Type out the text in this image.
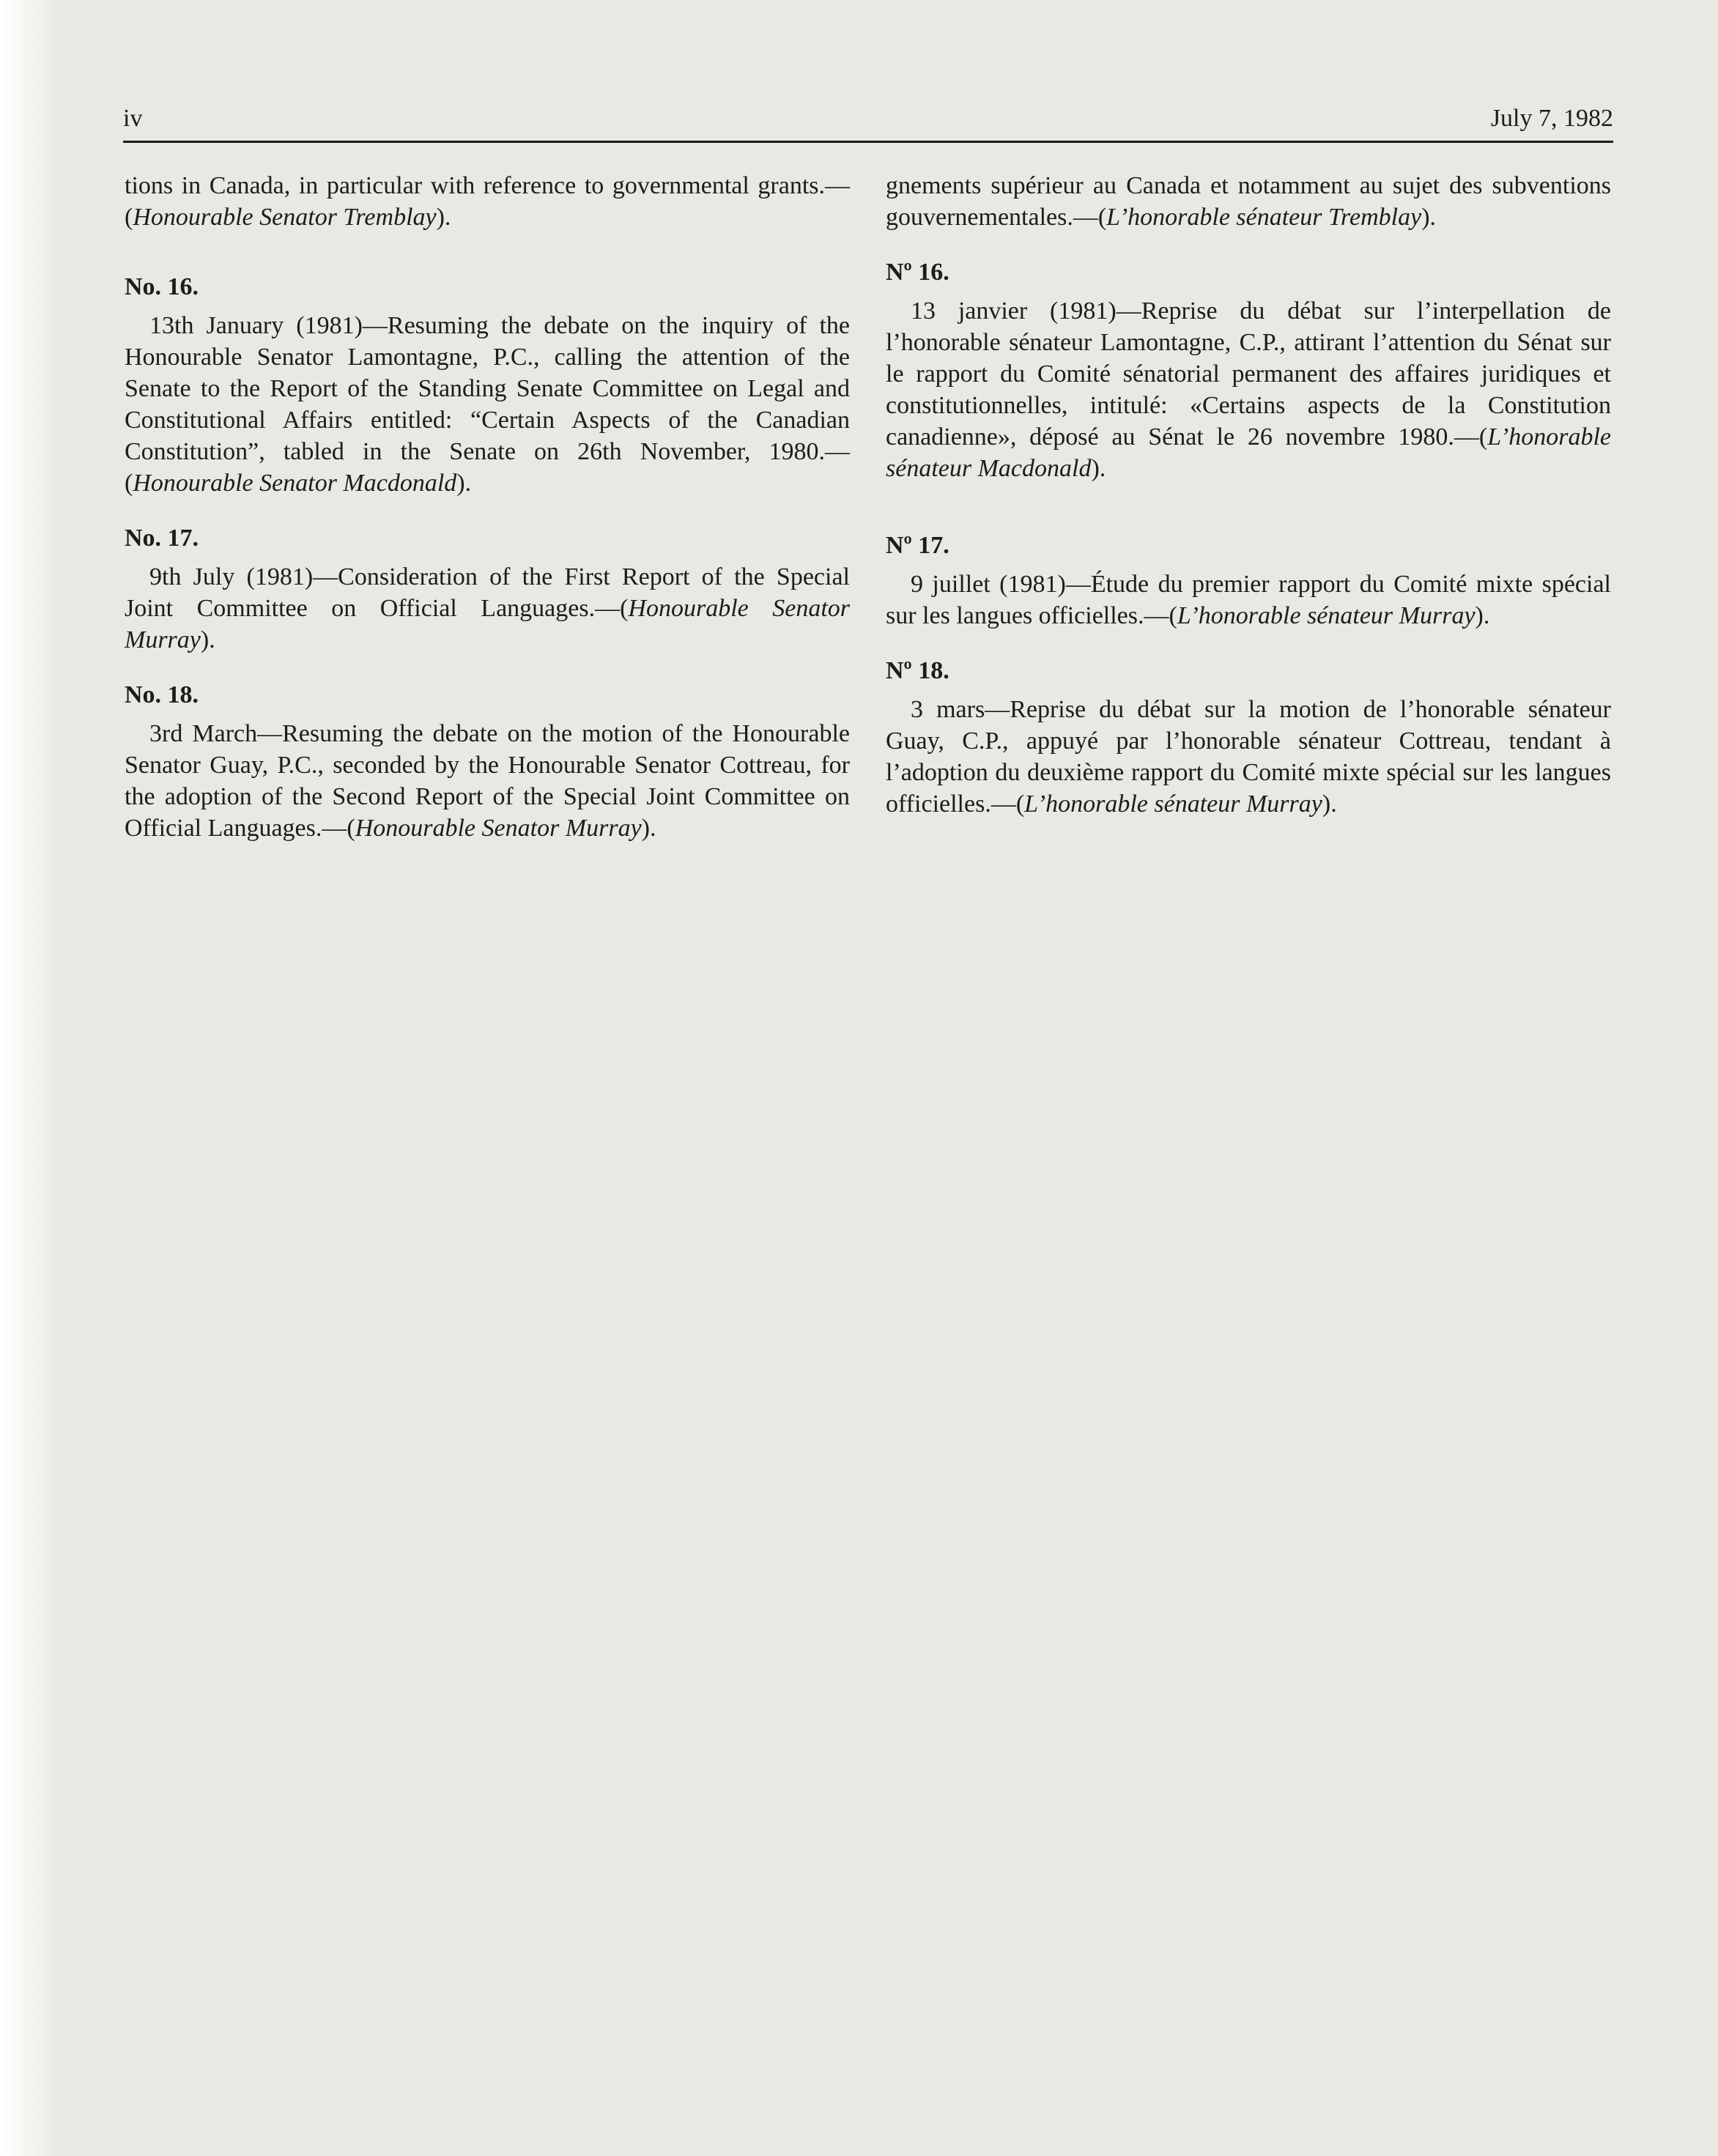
iv	July 7, 1982

tions in Canada, in particular with reference to governmental grants.—(Honourable Senator Tremblay).

No. 16.

13th January (1981)—Resuming the debate on the inquiry of the Honourable Senator Lamontagne, P.C., calling the attention of the Senate to the Report of the Standing Senate Committee on Legal and Constitutional Affairs entitled: “Certain Aspects of the Canadian Constitution”, tabled in the Senate on 26th November, 1980.—(Honourable Senator Macdonald).

No. 17.

9th July (1981)—Consideration of the First Report of the Special Joint Committee on Official Languages.—(Honourable Senator Murray).

No. 18.

3rd March—Resuming the debate on the motion of the Honourable Senator Guay, P.C., seconded by the Honourable Senator Cottreau, for the adoption of the Second Report of the Special Joint Committee on Official Languages.—(Honourable Senator Murray).

gnements supérieur au Canada et notamment au sujet des subventions gouvernementales.—(L’honorable sénateur Tremblay).

Nº 16.

13 janvier (1981)—Reprise du débat sur l’interpellation de l’honorable sénateur Lamontagne, C.P., attirant l’attention du Sénat sur le rapport du Comité sénatorial permanent des affaires juridiques et constitutionnelles, intitulé: «Certains aspects de la Constitution canadienne», déposé au Sénat le 26 novembre 1980.—(L’honorable sénateur Macdonald).

Nº 17.

9 juillet (1981)—Étude du premier rapport du Comité mixte spécial sur les langues officielles.—(L’honorable sénateur Murray).

Nº 18.

3 mars—Reprise du débat sur la motion de l’honorable sénateur Guay, C.P., appuyé par l’honorable sénateur Cottreau, tendant à l’adoption du deuxième rapport du Comité mixte spécial sur les langues officielles.—(L’honorable sénateur Murray).
